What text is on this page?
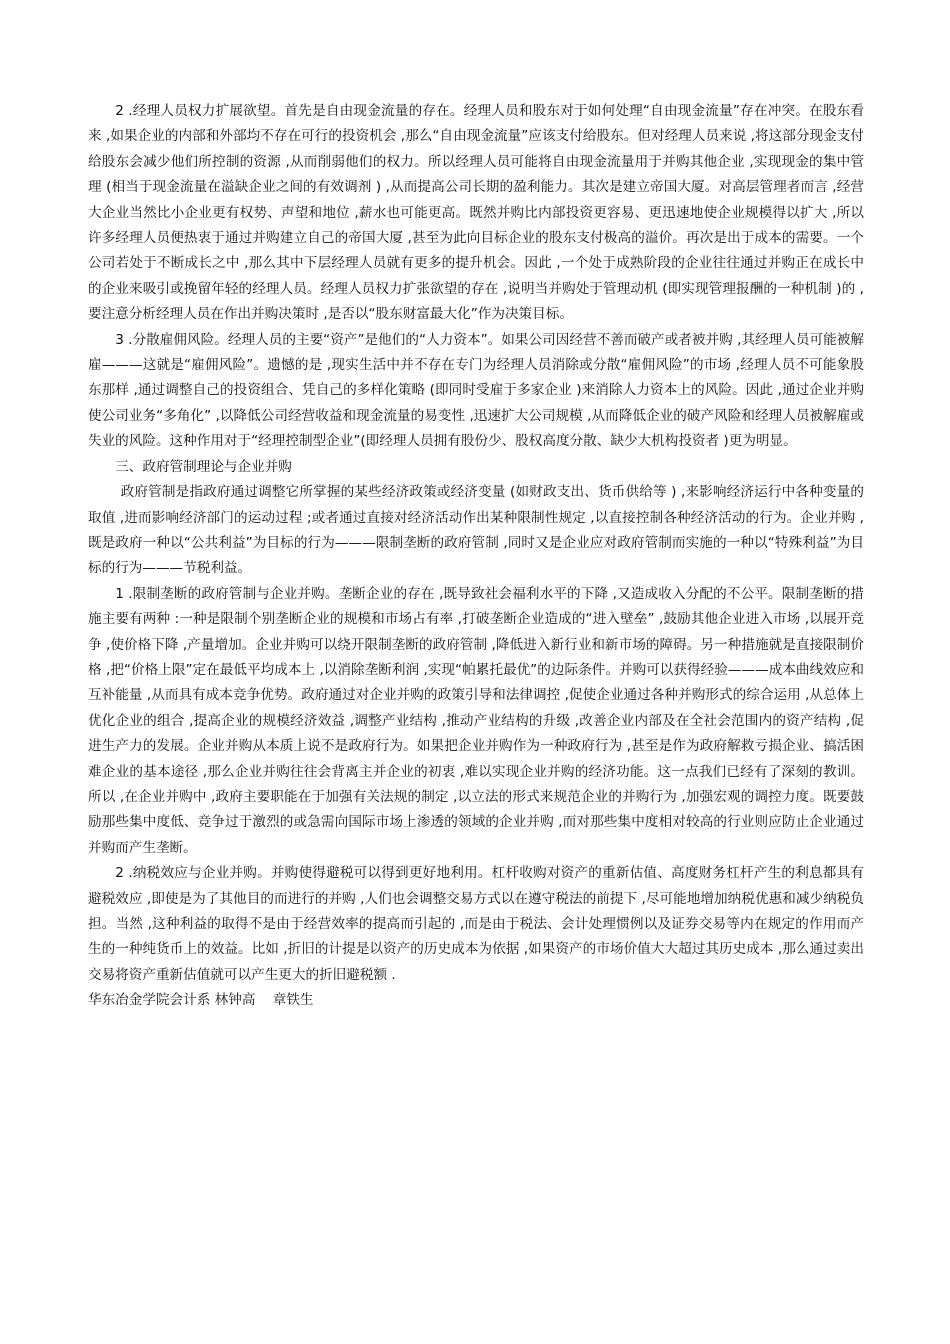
2 .经理人员权力扩展欲望。首先是自由现金流量的存在。经理人员和股东对于如何处理“自由现金流量”存在冲突。在股东看来 ,如果企业的内部和外部均不存在可行的投资机会 ,那么“自由现金流量”应该支付给股东。但对经理人员来说 ,将这部分现金支付给股东会减少他们所控制的资源 ,从而削弱他们的权力。所以经理人员可能将自由现金流量用于并购其他企业 ,实现现金的集中管理 (相当于现金流量在溢缺企业之间的有效调剂 ) ,从而提高公司长期的盈利能力。其次是建立帝国大厦。对高层管理者而言 ,经营大企业当然比小企业更有权势、声望和地位 ,薪水也可能更高。既然并购比内部投资更容易、更迅速地使企业规模得以扩大 ,所以许多经理人员便热衷于通过并购建立自己的帝国大厦 ,甚至为此向目标企业的股东支付极高的溢价。再次是出于成本的需要。一个公司若处于不断成长之中 ,那么其中下层经理人员就有更多的提升机会。因此 ,一个处于成熟阶段的企业往往通过并购正在成长中的企业来吸引或挽留年轻的经理人员。经理人员权力扩张欲望的存在 ,说明当并购处于管理动机 (即实现管理报酬的一种机制 )的 ,要注意分析经理人员在作出并购决策时 ,是否以“股东财富最大化”作为决策目标。

3 .分散雇佣风险。经理人员的主要“资产”是他们的“人力资本”。如果公司因经营不善而破产或者被并购 ,其经理人员可能被解雇———这就是“雇佣风险”。遗憾的是 ,现实生活中并不存在专门为经理人员消除或分散“雇佣风险”的市场 ,经理人员不可能象股东那样 ,通过调整自己的投资组合、凭自己的多样化策略 (即同时受雇于多家企业 )来消除人力资本上的风险。因此 ,通过企业并购使公司业务“多角化” ,以降低公司经营收益和现金流量的易变性 ,迅速扩大公司规模 ,从而降低企业的破产风险和经理人员被解雇或失业的风险。这种作用对于“经理控制型企业”(即经理人员拥有股份少、股权高度分散、缺少大机构投资者 )更为明显。

三、政府管制理论与企业并购

政府管制是指政府通过调整它所掌握的某些经济政策或经济变量 (如财政支出、货币供给等 ) ,来影响经济运行中各种变量的取值 ,进而影响经济部门的运动过程 ;或者通过直接对经济活动作出某种限制性规定 ,以直接控制各种经济活动的行为。企业并购 ,既是政府一种以“公共利益”为目标的行为———限制垄断的政府管制 ,同时又是企业应对政府管制而实施的一种以“特殊利益”为目标的行为———节税利益。

1 .限制垄断的政府管制与企业并购。垄断企业的存在 ,既导致社会福利水平的下降 ,又造成收入分配的不公平。限制垄断的措施主要有两种 :一种是限制个别垄断企业的规模和市场占有率 ,打破垄断企业造成的“进入壁垒” ,鼓励其他企业进入市场 ,以展开竞争 ,使价格下降 ,产量增加。企业并购可以绕开限制垄断的政府管制 ,降低进入新行业和新市场的障碍。另一种措施就是直接限制价格 ,把“价格上限”定在最低平均成本上 ,以消除垄断利润 ,实现“帕累托最优”的边际条件。并购可以获得经验———成本曲线效应和互补能量 ,从而具有成本竞争优势。政府通过对企业并购的政策引导和法律调控 ,促使企业通过各种并购形式的综合运用 ,从总体上优化企业的组合 ,提高企业的规模经济效益 ,调整产业结构 ,推动产业结构的升级 ,改善企业内部及在全社会范围内的资产结构 ,促进生产力的发展。企业并购从本质上说不是政府行为。如果把企业并购作为一种政府行为 ,甚至是作为政府解救亏损企业、搞活困难企业的基本途径 ,那么企业并购往往会背离主并企业的初衷 ,难以实现企业并购的经济功能。这一点我们已经有了深刻的教训。所以 ,在企业并购中 ,政府主要职能在于加强有关法规的制定 ,以立法的形式来规范企业的并购行为 ,加强宏观的调控力度。既要鼓励那些集中度低、竞争过于激烈的或急需向国际市场上渗透的领域的企业并购 ,而对那些集中度相对较高的行业则应防止企业通过并购而产生垄断。

2 .纳税效应与企业并购。并购使得避税可以得到更好地利用。杠杆收购对资产的重新估值、高度财务杠杆产生的利息都具有避税效应 ,即使是为了其他目的而进行的并购 ,人们也会调整交易方式以在遵守税法的前提下 ,尽可能地增加纳税优惠和减少纳税负担。当然 ,这种利益的取得不是由于经营效率的提高而引起的 ,而是由于税法、会计处理惯例以及证券交易等内在规定的作用而产生的一种纯货币上的效益。比如 ,折旧的计提是以资产的历史成本为依据 ,如果资产的市场价值大大超过其历史成本 ,那么通过卖出交易将资产重新估值就可以产生更大的折旧避税额 .

华东冶金学院会计系 林钟高    章铁生
